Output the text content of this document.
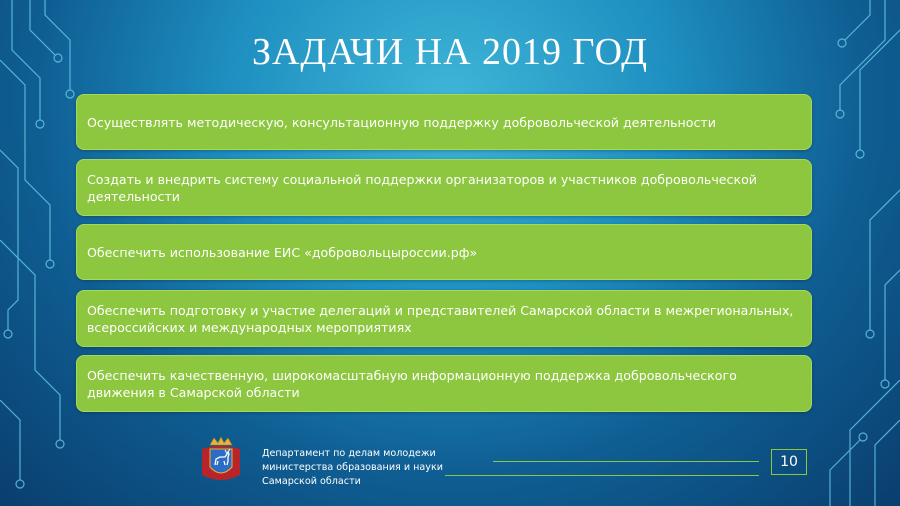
ЗАДАЧИ НА 2019 ГОД
Осуществлять методическую, консультационную поддержку добровольческой деятельности
Создать и внедрить систему социальной поддержки организаторов и участников добровольческой деятельности
Обеспечить использование ЕИС «добровольцыроссии.рф»
Обеспечить подготовку и участие делегаций и представителей Самарской области в межрегиональных, всероссийских и международных мероприятиях
Обеспечить качественную, широкомасштабную информационную поддержка добровольческого движения в Самарской области
Департамент по делам молодежи
министерства образования и науки
Самарской области
10
